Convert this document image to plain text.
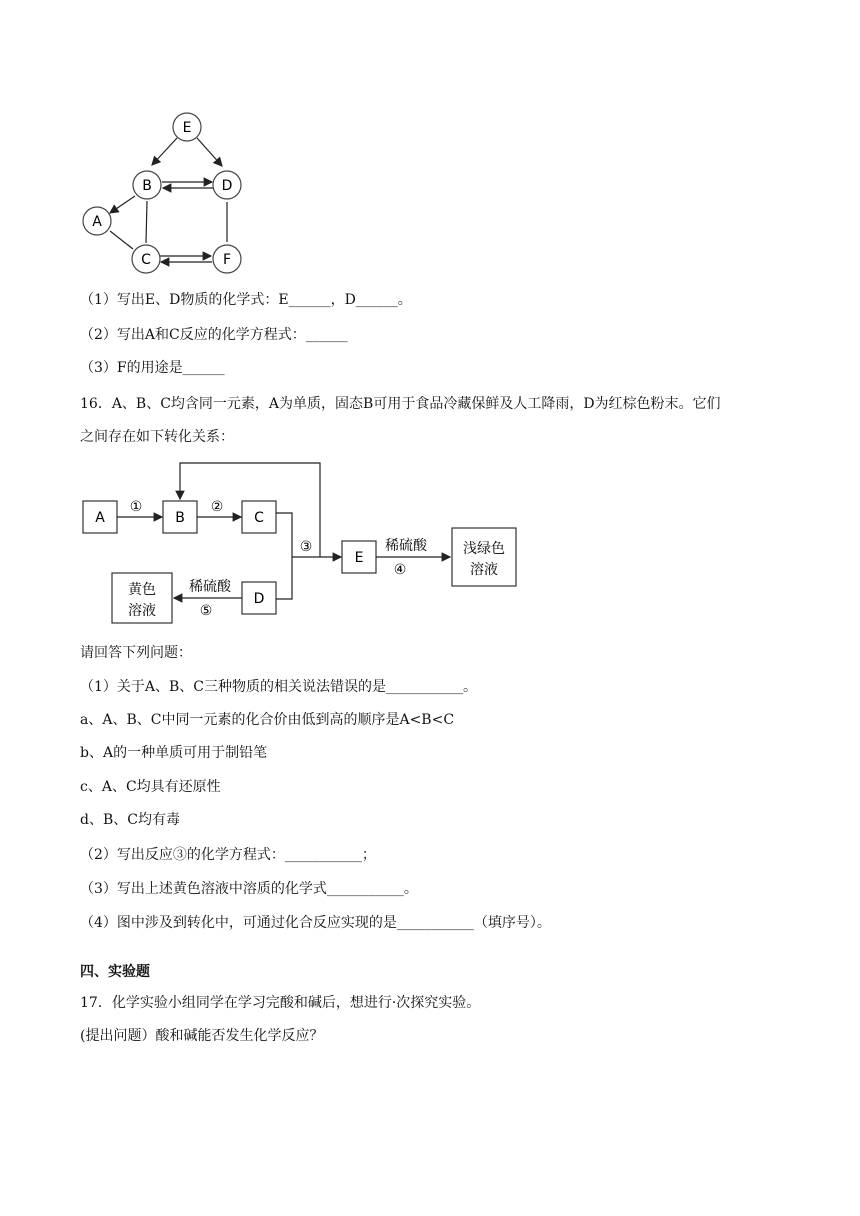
E
B	D
A
C	F
（1）写出E、D物质的化学式：E______，D______。
（2）写出A和C反应的化学方程式：______
（3）F的用途是______
16．A、B、C均含同一元素，A为单质，固态B可用于食品冷藏保鲜及人工降雨，D为红棕色粉末。它们
之间存在如下转化关系：
A	B	C
E
D
浅绿色
溶液
黄色
溶液
①	②
③	稀硫酸
④
稀硫酸
⑤
请回答下列问题：
（1）关于A、B、C三种物质的相关说法错误的是___________。
a、A、B、C中同一元素的化合价由低到高的顺序是A<B<C
b、A的一种单质可用于制铅笔
c、A、C均具有还原性
d、B、C均有毒
（2）写出反应③的化学方程式：___________；
（3）写出上述黄色溶液中溶质的化学式___________。
（4）图中涉及到转化中，可通过化合反应实现的是___________（填序号）。
四、实验题
17．化学实验小组同学在学习完酸和碱后，想进行·次探究实验。
(提出问题）酸和碱能否发生化学反应？
